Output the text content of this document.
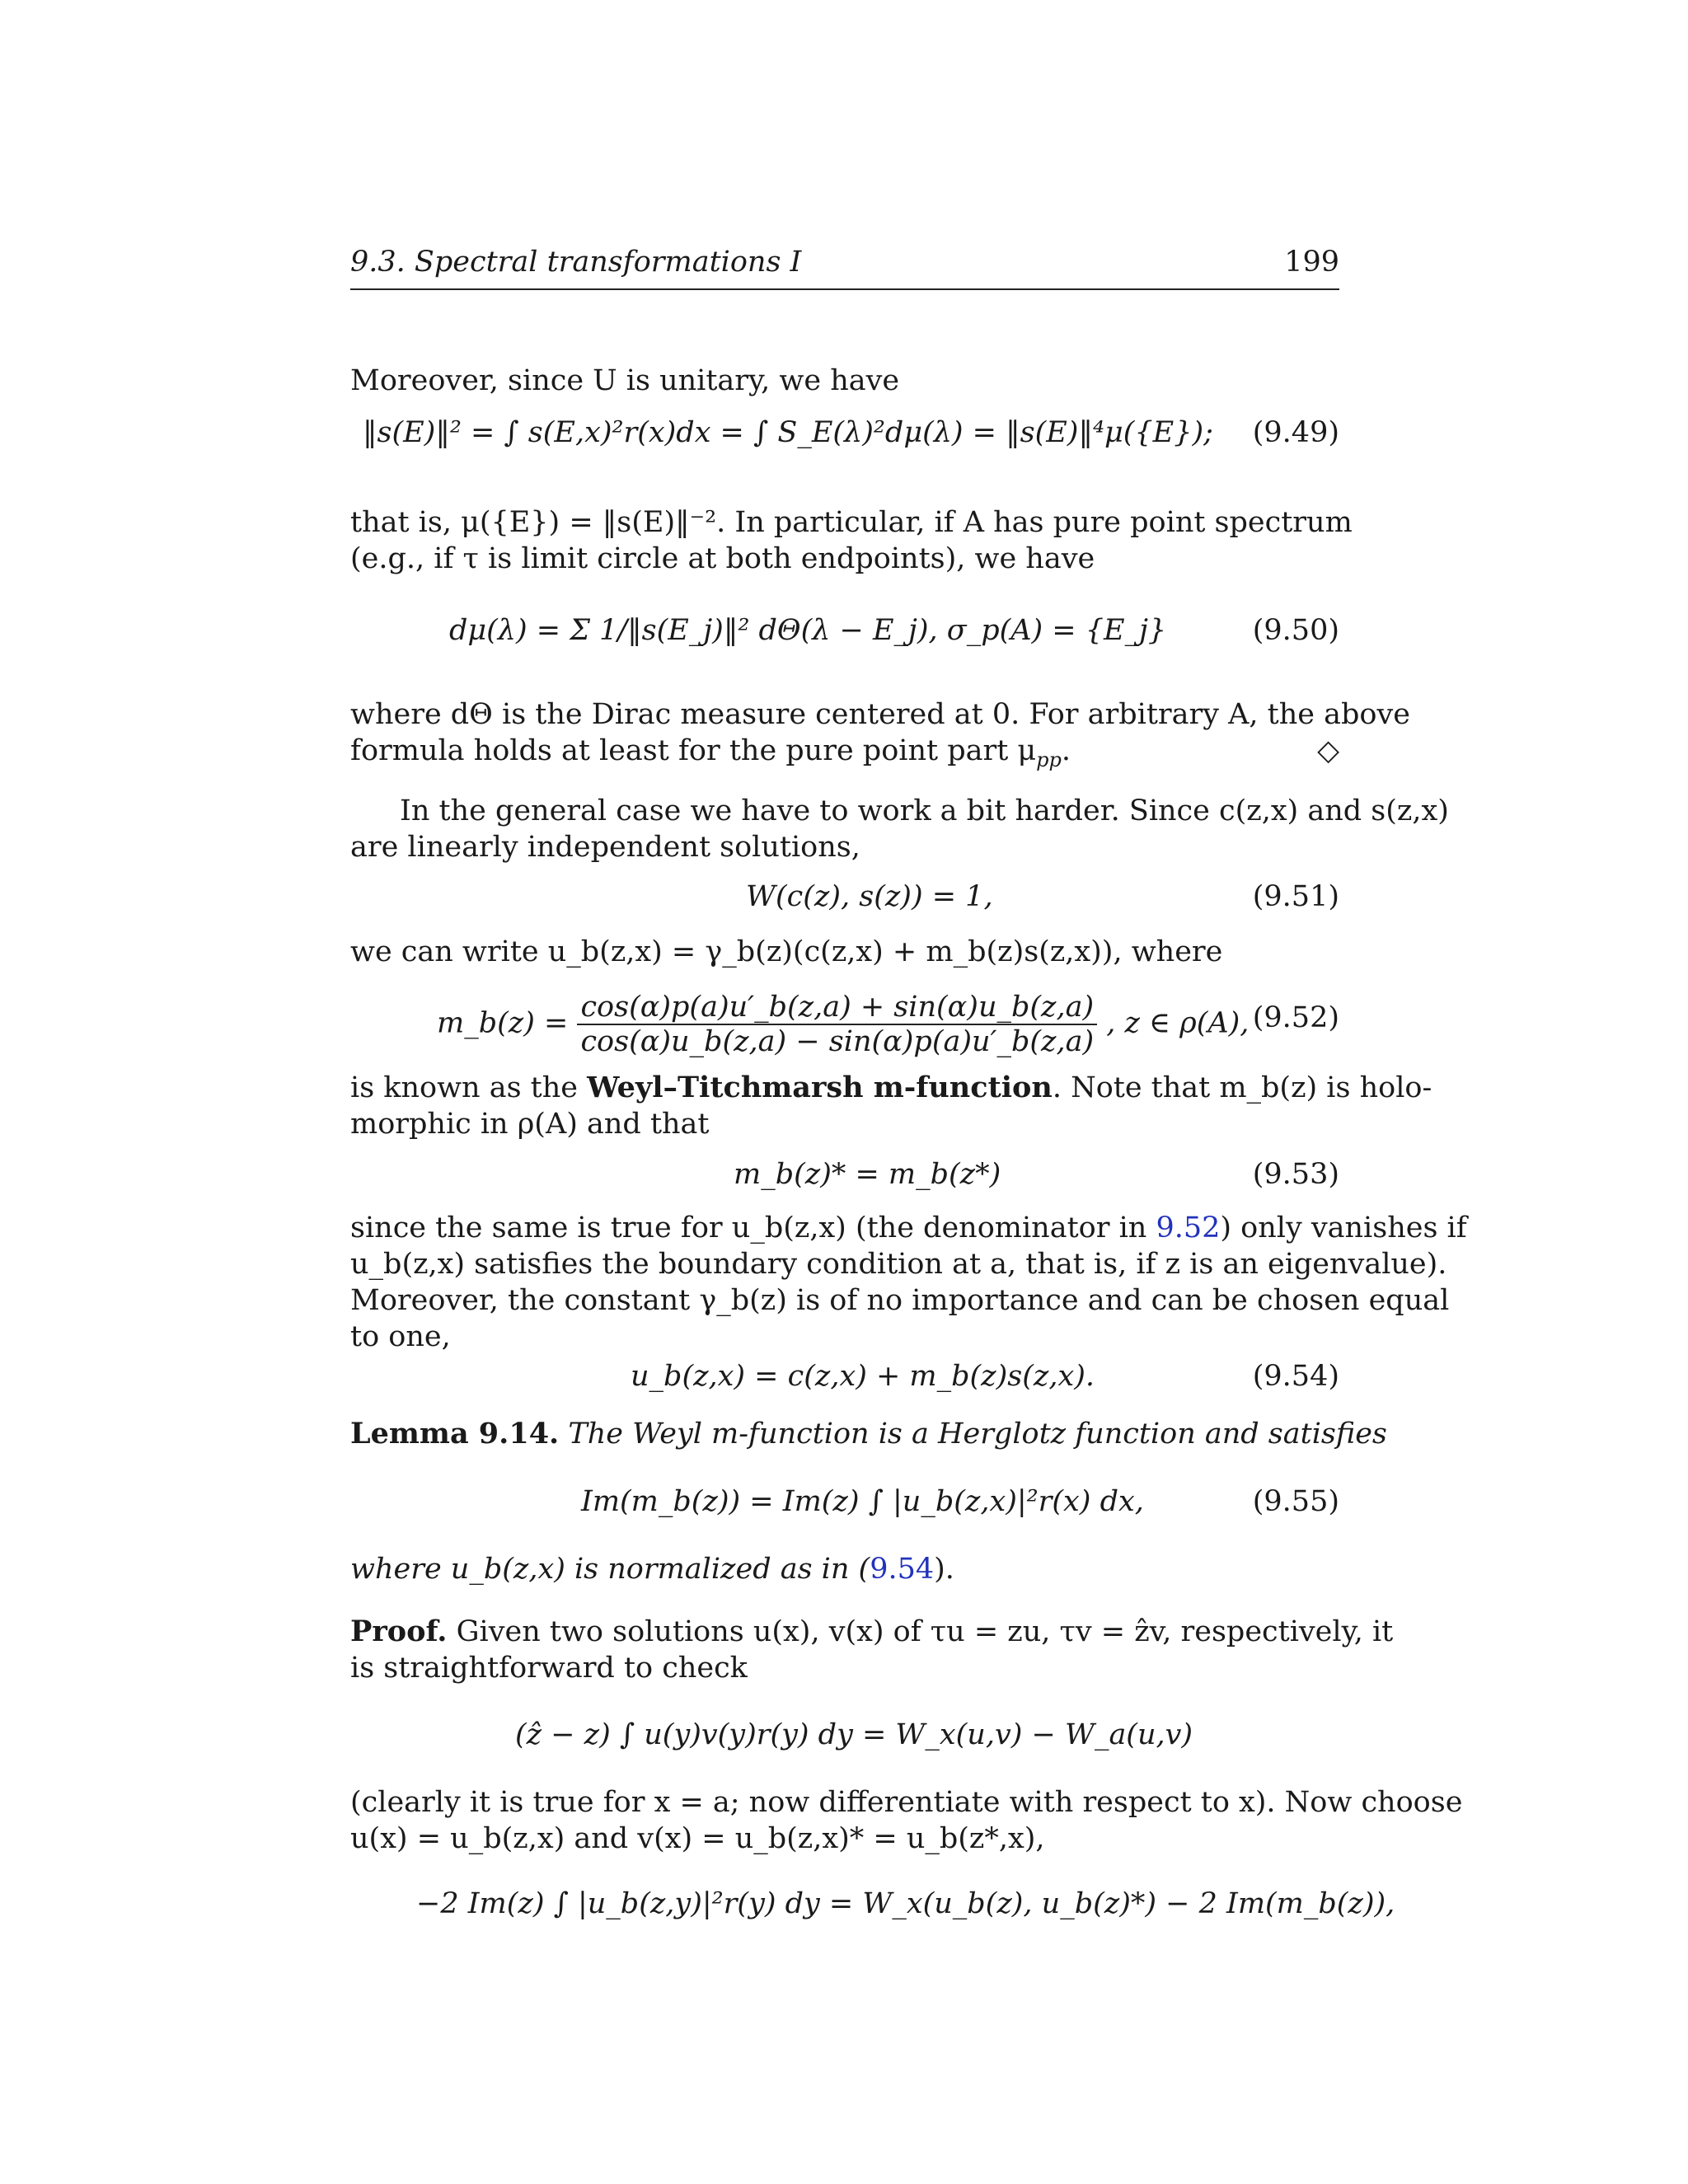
9.3. Spectral transformations I	199
Moreover, since U is unitary, we have
‖s(E)‖² = ∫ s(E,x)²r(x)dx = ∫ S_E(λ)²dμ(λ) = ‖s(E)‖⁴μ({E}); (9.49)
that is, μ({E}) = ‖s(E)‖⁻². In particular, if A has pure point spectrum
(e.g., if τ is limit circle at both endpoints), we have
dμ(λ) = Σ 1/‖s(E_j)‖² dΘ(λ − E_j), σ_p(A) = {E_j}	(9.50)
where dΘ is the Dirac measure centered at 0. For arbitrary A, the above
formula holds at least for the pure point part $\mu_{pp}$.	◇
In the general case we have to work a bit harder. Since c(z,x) and s(z,x)
are linearly independent solutions,
W(c(z), s(z)) = 1,	(9.51)
we can write u_b(z,x) = γ_b(z)(c(z,x) + m_b(z)s(z,x)), where
m_b(z) = $\frac{\cos(\alpha)p(a)u'\_b(z,a) + \sin(\alpha)u\_b(z,a)}{\cos(\alpha)u\_b(z,a) - \sin(\alpha)p(a)u'\_b(z,a)}$ , z ∈ ρ(A), (9.52)
is known as the Weyl–Titchmarsh m-function. Note that m_b(z) is holo-
morphic in ρ(A) and that
m_b(z)* = m_b(z*)	(9.53)
since the same is true for u_b(z,x) (the denominator in 9.52) only vanishes if
u_b(z,x) satisfies the boundary condition at a, that is, if z is an eigenvalue).
Moreover, the constant γ_b(z) is of no importance and can be chosen equal
to one,
u_b(z,x) = c(z,x) + m_b(z)s(z,x).	(9.54)
Lemma 9.14. The Weyl m-function is a Herglotz function and satisfies
Im(m_b(z)) = Im(z) ∫ |u_b(z,x)|²r(x) dx,	(9.55)
where u_b(z,x) is normalized as in (9.54).
Proof. Given two solutions u(x), v(x) of τu = zu, τv = ẑv, respectively, it
is straightforward to check
(ẑ − z) ∫ u(y)v(y)r(y) dy = W_x(u,v) − W_a(u,v)
(clearly it is true for x = a; now differentiate with respect to x). Now choose
u(x) = u_b(z,x) and v(x) = u_b(z,x)* = u_b(z*,x),
−2 Im(z) ∫ |u_b(z,y)|²r(y) dy = W_x(u_b(z), u_b(z)*) − 2 Im(m_b(z)),
